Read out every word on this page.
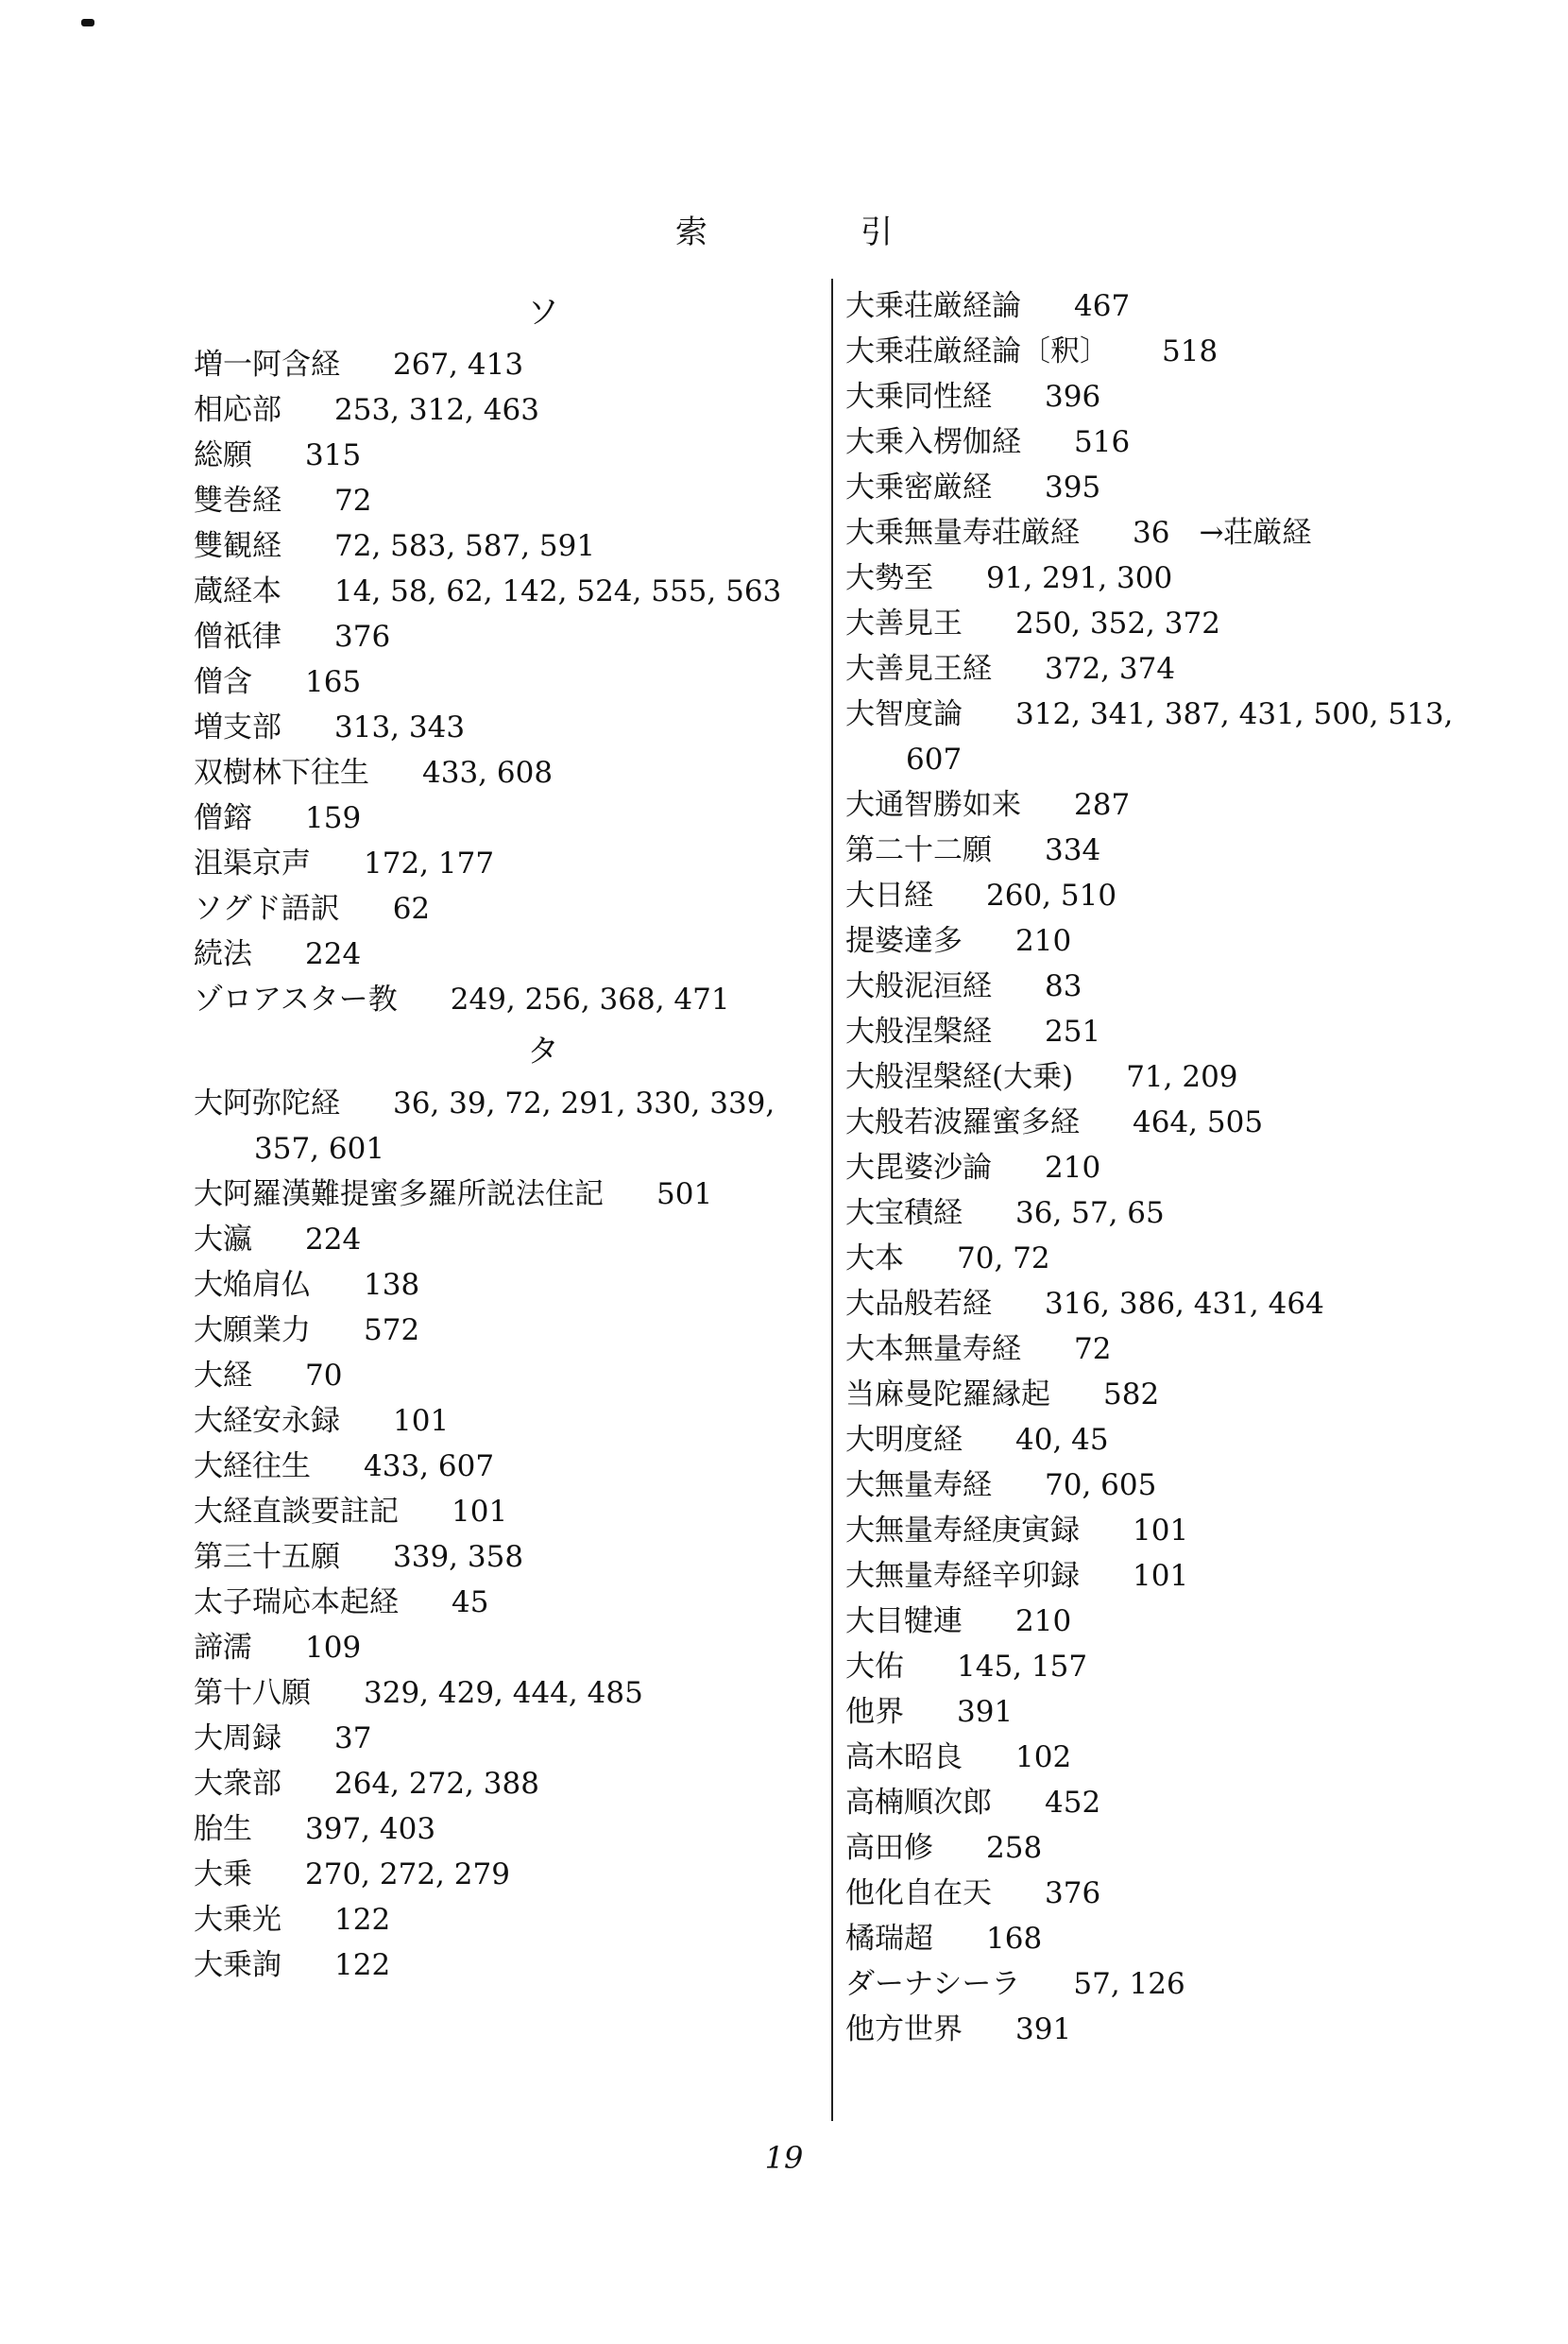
索　引
ソ
増一阿含経 267, 413
相応部 253, 312, 463
総願 315
雙巻経 72
雙観経 72, 583, 587, 591
蔵経本 14, 58, 62, 142, 524, 555, 563
僧祇律 376
僧含 165
増支部 313, 343
双樹林下往生 433, 608
僧鎔 159
沮渠京声 172, 177
ソグド語訳 62
続法 224
ゾロアスター教 249, 256, 368, 471
タ
大阿弥陀経 36, 39, 72, 291, 330, 339,
357, 601
大阿羅漢難提蜜多羅所説法住記 501
大瀛 224
大焔肩仏 138
大願業力 572
大経 70
大経安永録 101
大経往生 433, 607
大経直談要註記 101
第三十五願 339, 358
太子瑞応本起経 45
諦濡 109
第十八願 329, 429, 444, 485
大周録 37
大衆部 264, 272, 388
胎生 397, 403
大乗 270, 272, 279
大乗光 122
大乗詢 122
大乗荘厳経論 467
大乗荘厳経論〔釈〕 518
大乗同性経 396
大乗入楞伽経 516
大乗密厳経 395
大乗無量寿荘厳経 36　→荘厳経
大勢至 91, 291, 300
大善見王 250, 352, 372
大善見王経 372, 374
大智度論 312, 341, 387, 431, 500, 513,
607
大通智勝如来 287
第二十二願 334
大日経 260, 510
提婆達多 210
大般泥洹経 83
大般涅槃経 251
大般涅槃経(大乗) 71, 209
大般若波羅蜜多経 464, 505
大毘婆沙論 210
大宝積経 36, 57, 65
大本 70, 72
大品般若経 316, 386, 431, 464
大本無量寿経 72
当麻曼陀羅縁起 582
大明度経 40, 45
大無量寿経 70, 605
大無量寿経庚寅録 101
大無量寿経辛卯録 101
大目犍連 210
大佑 145, 157
他界 391
高木昭良 102
高楠順次郎 452
高田修 258
他化自在天 376
橘瑞超 168
ダーナシーラ 57, 126
他方世界 391
19
